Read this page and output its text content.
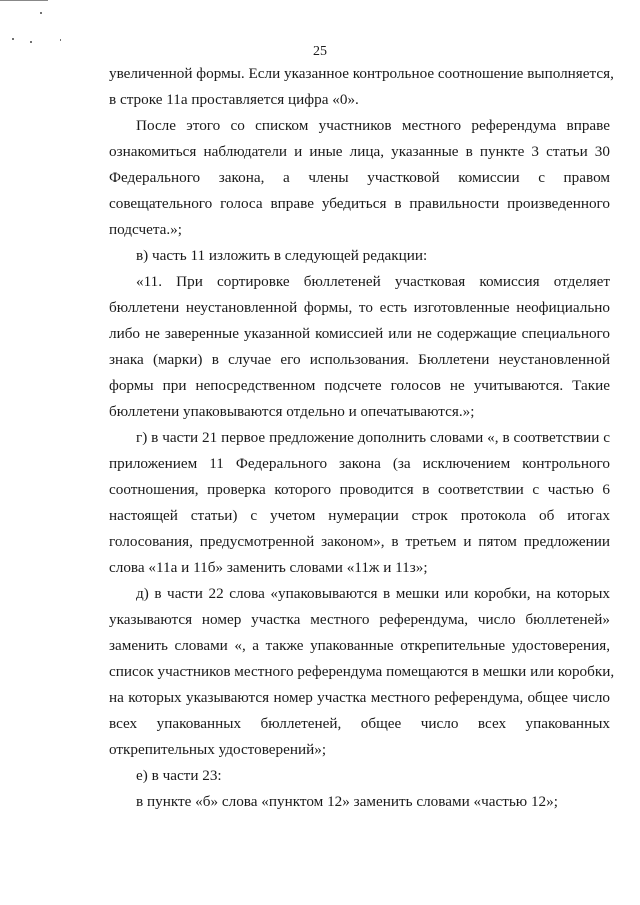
25
увеличенной формы. Если указанное контрольное соотношение выполняется,
в строке 11а проставляется цифра «0».
После этого со списком участников местного референдума вправе
ознакомиться наблюдатели и иные лица, указанные в пункте 3 статьи 30
Федерального закона, а члены участковой комиссии с правом
совещательного голоса вправе убедиться в правильности произведенного
подсчета.»;
в) часть 11 изложить в следующей редакции:
«11. При сортировке бюллетеней участковая комиссия отделяет
бюллетени неустановленной формы, то есть изготовленные неофициально
либо не заверенные указанной комиссией или не содержащие специального
знака (марки) в случае его использования. Бюллетени неустановленной
формы при непосредственном подсчете голосов не учитываются. Такие
бюллетени упаковываются отдельно и опечатываются.»;
г) в части 21 первое предложение дополнить словами «, в соответствии с
приложением 11 Федерального закона (за исключением контрольного
соотношения, проверка которого проводится в соответствии с частью 6
настоящей статьи) с учетом нумерации строк протокола об итогах
голосования, предусмотренной законом», в третьем и пятом предложении
слова «11а и 11б» заменить словами «11ж и 11з»;
д) в части 22 слова «упаковываются в мешки или коробки, на которых
указываются номер участка местного референдума, число бюллетеней»
заменить словами «, а также упакованные открепительные удостоверения,
список участников местного референдума помещаются в мешки или коробки,
на которых указываются номер участка местного референдума, общее число
всех упакованных бюллетеней, общее число всех упакованных
открепительных удостоверений»;
е) в части 23:
в пункте «б» слова «пунктом 12» заменить словами «частью 12»;
